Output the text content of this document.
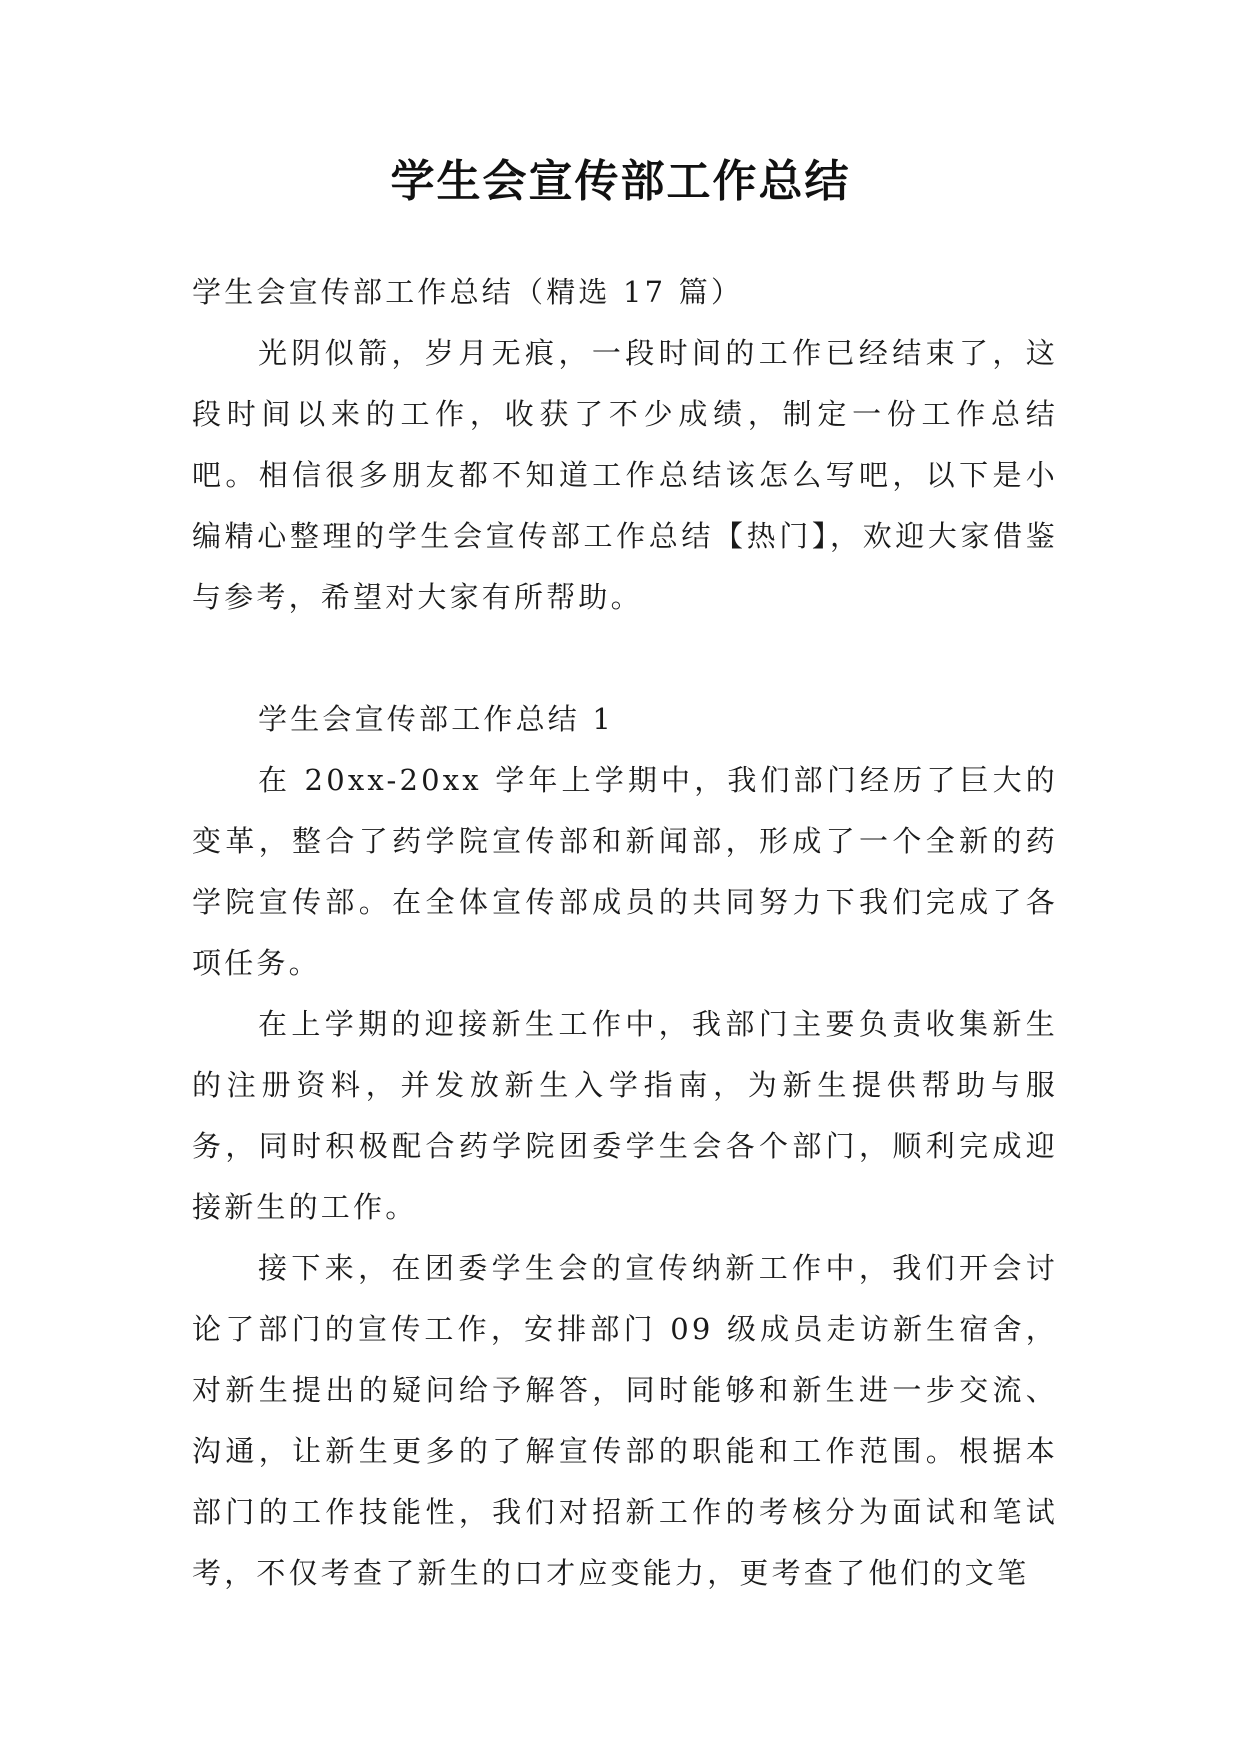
学生会宣传部工作总结

学生会宣传部工作总结（精选 17 篇）

光阴似箭，岁月无痕，一段时间的工作已经结束了，这段时间以来的工作，收获了不少成绩，制定一份工作总结吧。相信很多朋友都不知道工作总结该怎么写吧，以下是小编精心整理的学生会宣传部工作总结【热门】，欢迎大家借鉴与参考，希望对大家有所帮助。

学生会宣传部工作总结 1

在 20xx-20xx 学年上学期中，我们部门经历了巨大的变革，整合了药学院宣传部和新闻部，形成了一个全新的药学院宣传部。在全体宣传部成员的共同努力下我们完成了各项任务。

在上学期的迎接新生工作中，我部门主要负责收集新生的注册资料，并发放新生入学指南，为新生提供帮助与服务，同时积极配合药学院团委学生会各个部门，顺利完成迎接新生的工作。

接下来，在团委学生会的宣传纳新工作中，我们开会讨论了部门的宣传工作，安排部门 09 级成员走访新生宿舍，对新生提出的疑问给予解答，同时能够和新生进一步交流、沟通，让新生更多的了解宣传部的职能和工作范围。根据本部门的工作技能性，我们对招新工作的考核分为面试和笔试考，不仅考查了新生的口才应变能力，更考查了他们的文笔
